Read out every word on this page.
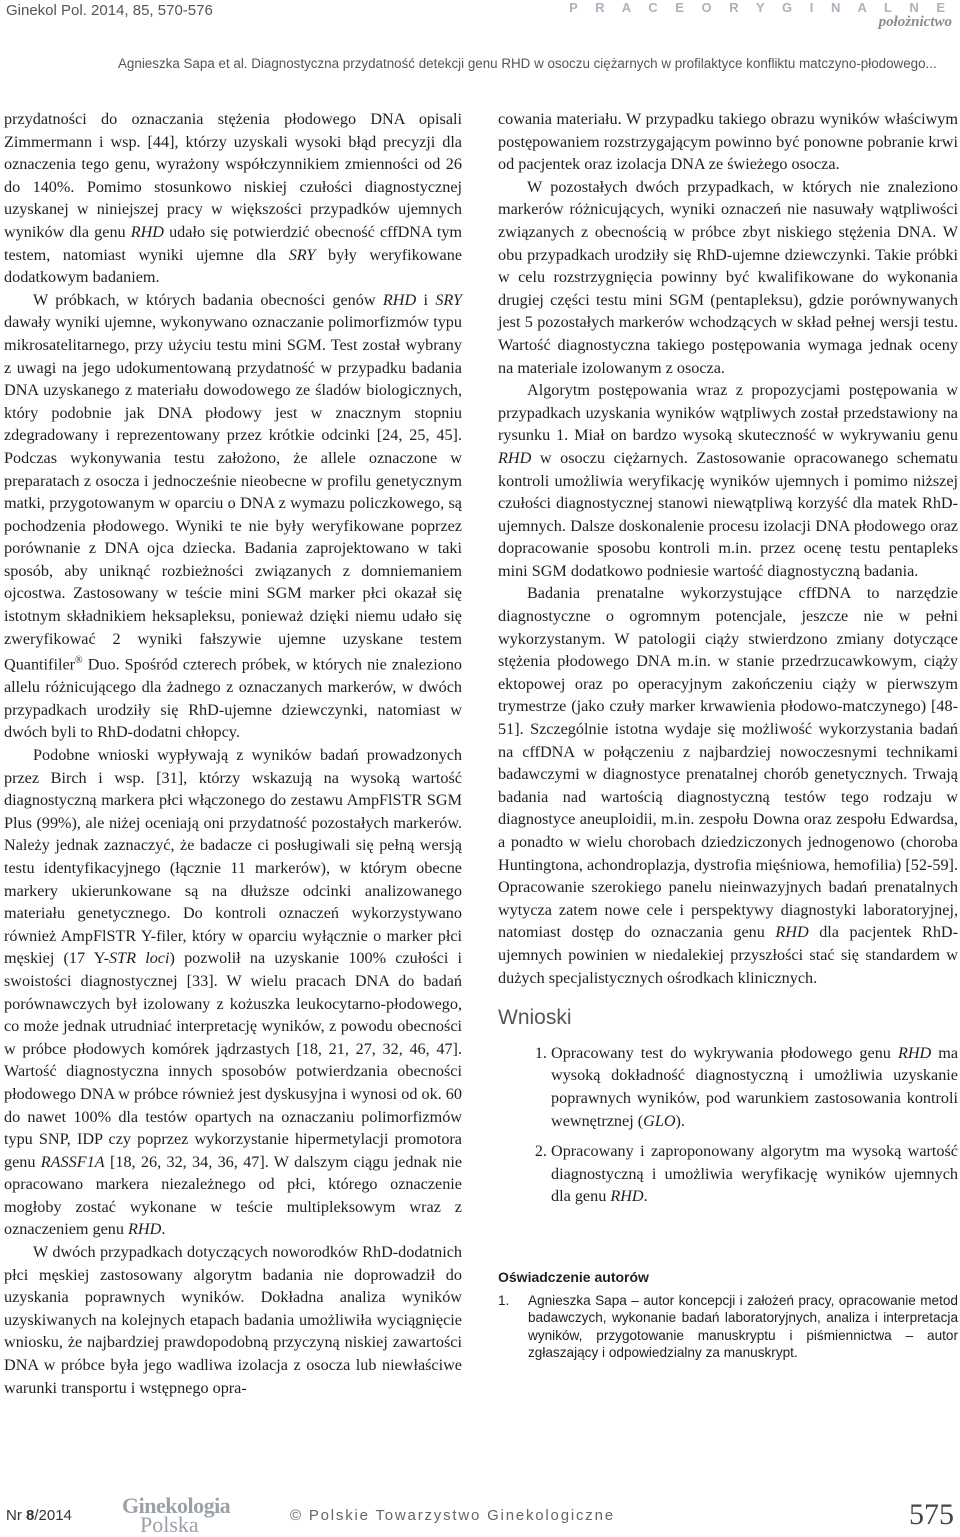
Ginekol Pol. 2014, 85, 570-576	P R A C E O R Y G I N A L N E
położnictwo
Agnieszka Sapa et al. Diagnostyczna przydatność detekcji genu RHD w osoczu ciężarnych w profilaktyce konfliktu matczyno-płodowego...

przydatności do oznaczania stężenia płodowego DNA opisali Zimmermann i wsp. [44], którzy uzyskali wysoki błąd precyzji dla oznaczenia tego genu, wyrażony współczynnikiem zmienności od 26 do 140%. Pomimo stosunkowo niskiej czułości diagnostycznej uzyskanej w niniejszej pracy w większości przypadków ujemnych wyników dla genu RHD udało się potwierdzić obecność cffDNA tym testem, natomiast wyniki ujemne dla SRY były weryfikowane dodatkowym badaniem.

W próbkach, w których badania obecności genów RHD i SRY dawały wyniki ujemne, wykonywano oznaczanie polimorfizmów typu mikrosatelitarnego, przy użyciu testu mini SGM. Test został wybrany z uwagi na jego udokumentowaną przydatność w przypadku badania DNA uzyskanego z materiału dowodowego ze śladów biologicznych, który podobnie jak DNA płodowy jest w znacznym stopniu zdegradowany i reprezentowany przez krótkie odcinki [24, 25, 45]. Podczas wykonywania testu założono, że allele oznaczone w preparatach z osocza i jednocześnie nieobecne w profilu genetycznym matki, przygotowanym w oparciu o DNA z wymazu policzkowego, są pochodzenia płodowego. Wyniki te nie były weryfikowane poprzez porównanie z DNA ojca dziecka. Badania zaprojektowano w taki sposób, aby uniknąć rozbieżności związanych z domniemaniem ojcostwa. Zastosowany w teście mini SGM marker płci okazał się istotnym składnikiem heksapleksu, ponieważ dzięki niemu udało się zweryfikować 2 wyniki fałszywie ujemne uzyskane testem Quantifiler® Duo. Spośród czterech próbek, w których nie znaleziono allelu różnicującego dla żadnego z oznaczanych markerów, w dwóch przypadkach urodziły się RhD-ujemne dziewczynki, natomiast w dwóch byli to RhD-dodatni chłopcy.

Podobne wnioski wypływają z wyników badań prowadzonych przez Birch i wsp. [31], którzy wskazują na wysoką wartość diagnostyczną markera płci włączonego do zestawu AmpFlSTR SGM Plus (99%), ale niżej oceniają oni przydatność pozostałych markerów. Należy jednak zaznaczyć, że badacze ci posługiwali się pełną wersją testu identyfikacyjnego (łącznie 11 markerów), w którym obecne markery ukierunkowane są na dłuższe odcinki analizowanego materiału genetycznego. Do kontroli oznaczeń wykorzystywano również AmpFlSTR Y-filer, który w oparciu wyłącznie o marker płci męskiej (17 Y-STR loci) pozwolił na uzyskanie 100% czułości i swoistości diagnostycznej [33]. W wielu pracach DNA do badań porównawczych był izolowany z kożuszka leukocytarno-płodowego, co może jednak utrudniać interpretację wyników, z powodu obecności w próbce płodowych komórek jądrzastych [18, 21, 27, 32, 46, 47]. Wartość diagnostyczna innych sposobów potwierdzania obecności płodowego DNA w próbce również jest dyskusyjna i wynosi od ok. 60 do nawet 100% dla testów opartych na oznaczaniu polimorfizmów typu SNP, IDP czy poprzez wykorzystanie hipermetylacji promotora genu RASSF1A [18, 26, 32, 34, 36, 47]. W dalszym ciągu jednak nie opracowano markera niezależnego od płci, którego oznaczenie mogłoby zostać wykonane w teście multipleksowym wraz z oznaczeniem genu RHD.

W dwóch przypadkach dotyczących noworodków RhD-dodatnich płci męskiej zastosowany algorytm badania nie doprowadził do uzyskania poprawnych wyników. Dokładna analiza wyników uzyskiwanych na kolejnych etapach badania umożliwiła wyciągnięcie wniosku, że najbardziej prawdopodobną przyczyną niskiej zawartości DNA w próbce była jego wadliwa izolacja z osocza lub niewłaściwe warunki transportu i wstępnego opra-

cowania materiału. W przypadku takiego obrazu wyników właściwym postępowaniem rozstrzygającym powinno być ponowne pobranie krwi od pacjentek oraz izolacja DNA ze świeżego osocza.

W pozostałych dwóch przypadkach, w których nie znaleziono markerów różnicujących, wyniki oznaczeń nie nasuwały wątpliwości związanych z obecnością w próbce zbyt niskiego stężenia DNA. W obu przypadkach urodziły się RhD-ujemne dziewczynki. Takie próbki w celu rozstrzygnięcia powinny być kwalifikowane do wykonania drugiej części testu mini SGM (pentapleksu), gdzie porównywanych jest 5 pozostałych markerów wchodzących w skład pełnej wersji testu. Wartość diagnostyczna takiego postępowania wymaga jednak oceny na materiale izolowanym z osocza.

Algorytm postępowania wraz z propozycjami postępowania w przypadkach uzyskania wyników wątpliwych został przedstawiony na rysunku 1. Miał on bardzo wysoką skuteczność w wykrywaniu genu RHD w osoczu ciężarnych. Zastosowanie opracowanego schematu kontroli umożliwia weryfikację wyników ujemnych i pomimo niższej czułości diagnostycznej stanowi niewątpliwą korzyść dla matek RhD-ujemnych. Dalsze doskonalenie procesu izolacji DNA płodowego oraz dopracowanie sposobu kontroli m.in. przez ocenę testu pentapleks mini SGM dodatkowo podniesie wartość diagnostyczną badania.

Badania prenatalne wykorzystujące cffDNA to narzędzie diagnostyczne o ogromnym potencjale, jeszcze nie w pełni wykorzystanym. W patologii ciąży stwierdzono zmiany dotyczące stężenia płodowego DNA m.in. w stanie przedrzucawkowym, ciąży ektopowej oraz po operacyjnym zakończeniu ciąży w pierwszym trymestrze (jako czuły marker krwawienia płodowo-matczynego) [48-51]. Szczególnie istotna wydaje się możliwość wykorzystania badań na cffDNA w połączeniu z najbardziej nowoczesnymi technikami badawczymi w diagnostyce prenatalnej chorób genetycznych. Trwają badania nad wartością diagnostyczną testów tego rodzaju w diagnostyce aneuploidii, m.in. zespołu Downa oraz zespołu Edwardsa, a ponadto w wielu chorobach dziedziczonych jednogenowo (choroba Huntingtona, achondroplazja, dystrofia mięśniowa, hemofilia) [52-59]. Opracowanie szerokiego panelu nieinwazyjnych badań prenatalnych wytycza zatem nowe cele i perspektywy diagnostyki laboratoryjnej, natomiast dostęp do oznaczania genu RHD dla pacjentek RhD-ujemnych powinien w niedalekiej przyszłości stać się standardem w dużych specjalistycznych ośrodkach klinicznych.

Wnioski
1. Opracowany test do wykrywania płodowego genu RHD ma wysoką dokładność diagnostyczną i umożliwia uzyskanie poprawnych wyników, pod warunkiem zastosowania kontroli wewnętrznej (GLO).
2. Opracowany i zaproponowany algorytm ma wysoką wartość diagnostyczną i umożliwia weryfikację wyników ujemnych dla genu RHD.
Oświadczenie autorów
1.	Agnieszka Sapa – autor koncepcji i założeń pracy, opracowanie metod badawczych, wykonanie badań laboratoryjnych, analiza i interpretacja wyników, przygotowanie manuskryptu i piśmiennictwa – autor zgłaszający i odpowiedzialny za manuskrypt.
Nr 8/2014 Ginekologia
Polska	© Polskie Towarzystwo Ginekologiczne	575
